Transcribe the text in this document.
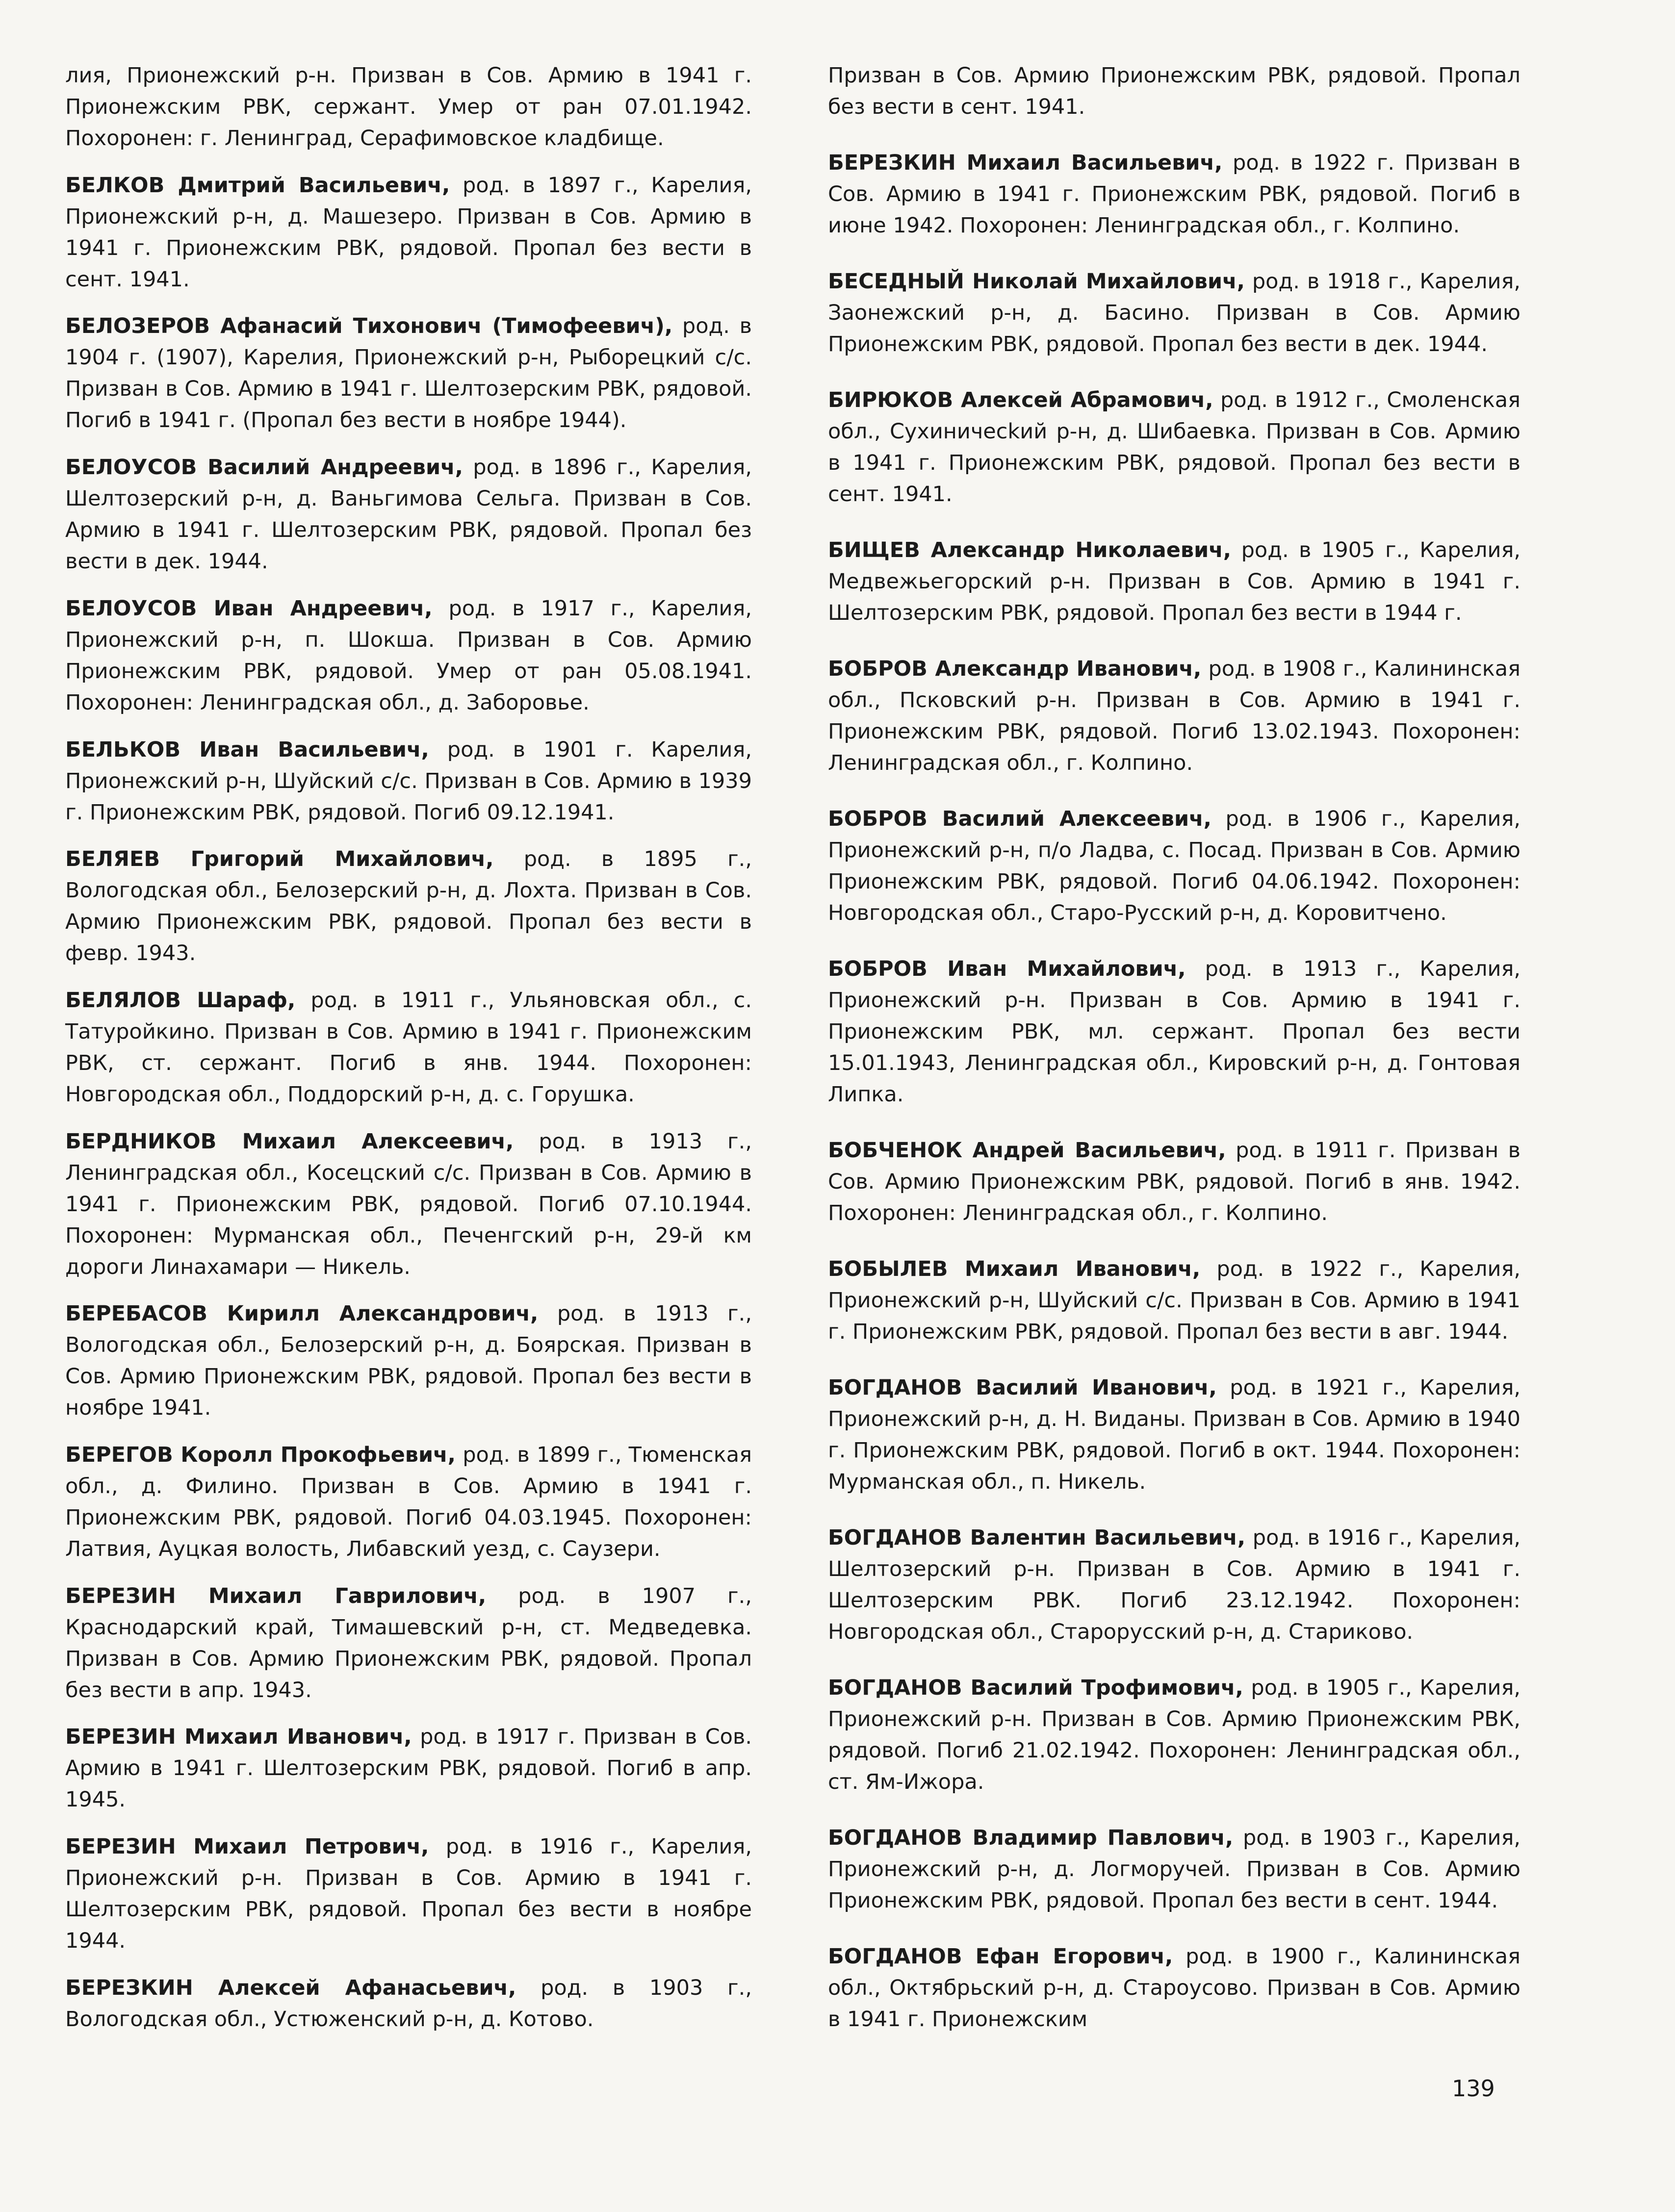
лия, Прионежский р-н. Призван в Сов. Армию в 1941 г. Прионежским РВК, сержант. Умер от ран 07.01.1942. Похоронен: г. Ленинград, Серафимовское кладбище.

БЕЛКОВ Дмитрий Васильевич, род. в 1897 г., Карелия, Прионежский р-н, д. Машезеро. Призван в Сов. Армию в 1941 г. Прионежским РВК, рядовой. Пропал без вести в сент. 1941.

БЕЛОЗЕРОВ Афанасий Тихонович (Тимофеевич), род. в 1904 г. (1907), Карелия, Прионежский р-н, Рыборецкий с/с. Призван в Сов. Армию в 1941 г. Шелтозерским РВК, рядовой. Погиб в 1941 г. (Пропал без вести в ноябре 1944).

БЕЛОУСОВ Василий Андреевич, род. в 1896 г., Карелия, Шелтозерский р-н, д. Ваньгимова Сельга. Призван в Сов. Армию в 1941 г. Шелтозерским РВК, рядовой. Пропал без вести в дек. 1944.

БЕЛОУСОВ Иван Андреевич, род. в 1917 г., Карелия, Прионежский р-н, п. Шокша. Призван в Сов. Армию Прионежским РВК, рядовой. Умер от ран 05.08.1941. Похоронен: Ленинградская обл., д. Заборовье.

БЕЛЬКОВ Иван Васильевич, род. в 1901 г. Карелия, Прионежский р-н, Шуйский с/с. Призван в Сов. Армию в 1939 г. Прионежским РВК, рядовой. Погиб 09.12.1941.

БЕЛЯЕВ Григорий Михайлович, род. в 1895 г., Вологодская обл., Белозерский р-н, д. Лохта. Призван в Сов. Армию Прионежским РВК, рядовой. Пропал без вести в февр. 1943.

БЕЛЯЛОВ Шараф, род. в 1911 г., Ульяновская обл., с. Татуройкино. Призван в Сов. Армию в 1941 г. Прионежским РВК, ст. сержант. Погиб в янв. 1944. Похоронен: Новгородская обл., Поддорский р-н, д. с. Горушка.

БЕРДНИКОВ Михаил Алексеевич, род. в 1913 г., Ленинградская обл., Косецский с/с. Призван в Сов. Армию в 1941 г. Прионежским РВК, рядовой. Погиб 07.10.1944. Похоронен: Мурманская обл., Печенгский р-н, 29-й км дороги Линахамари — Никель.

БЕРЕБАСОВ Кирилл Александрович, род. в 1913 г., Вологодская обл., Белозерский р-н, д. Боярская. Призван в Сов. Армию Прионежским РВК, рядовой. Пропал без вести в ноябре 1941.

БЕРЕГОВ Королл Прокофьевич, род. в 1899 г., Тюменская обл., д. Филино. Призван в Сов. Армию в 1941 г. Прионежским РВК, рядовой. Погиб 04.03.1945. Похоронен: Латвия, Ауцкая волость, Либавский уезд, с. Саузери.

БЕРЕЗИН Михаил Гаврилович, род. в 1907 г., Краснодарский край, Тимашевский р-н, ст. Медведевка. Призван в Сов. Армию Прионежским РВК, рядовой. Пропал без вести в апр. 1943.

БЕРЕЗИН Михаил Иванович, род. в 1917 г. Призван в Сов. Армию в 1941 г. Шелтозерским РВК, рядовой. Погиб в апр. 1945.

БЕРЕЗИН Михаил Петрович, род. в 1916 г., Карелия, Прионежский р-н. Призван в Сов. Армию в 1941 г. Шелтозерским РВК, рядовой. Пропал без вести в ноябре 1944.

БЕРЕЗКИН Алексей Афанасьевич, род. в 1903 г., Вологодская обл., Устюженский р-н, д. Котово.

Призван в Сов. Армию Прионежским РВК, рядовой. Пропал без вести в сент. 1941.

БЕРЕЗКИН Михаил Васильевич, род. в 1922 г. Призван в Сов. Армию в 1941 г. Прионежским РВК, рядовой. Погиб в июне 1942. Похоронен: Ленинградская обл., г. Колпино.

БЕСЕДНЫЙ Николай Михайлович, род. в 1918 г., Карелия, Заонежский р-н, д. Басино. Призван в Сов. Армию Прионежским РВК, рядовой. Пропал без вести в дек. 1944.

БИРЮКОВ Алексей Абрамович, род. в 1912 г., Смоленская обл., Сухиничесkий р-н, д. Шибаевка. Призван в Сов. Армию в 1941 г. Прионежским РВК, рядовой. Пропал без вести в сент. 1941.

БИЩЕВ Александр Николаевич, род. в 1905 г., Карелия, Медвежьегорский р-н. Призван в Сов. Армию в 1941 г. Шелтозерским РВК, рядовой. Пропал без вести в 1944 г.

БОБРОВ Александр Иванович, род. в 1908 г., Калининская обл., Псковский р-н. Призван в Сов. Армию в 1941 г. Прионежским РВК, рядовой. Погиб 13.02.1943. Похоронен: Ленинградская обл., г. Колпино.

БОБРОВ Василий Алексеевич, род. в 1906 г., Карелия, Прионежский р-н, п/о Ладва, с. Посад. Призван в Сов. Армию Прионежским РВК, рядовой. Погиб 04.06.1942. Похоронен: Новгородская обл., Старо-Русский р-н, д. Коровитчено.

БОБРОВ Иван Михайлович, род. в 1913 г., Карелия, Прионежский р-н. Призван в Сов. Армию в 1941 г. Прионежским РВК, мл. сержант. Пропал без вести 15.01.1943, Ленинградская обл., Кировский р-н, д. Гонтовая Липка.

БОБЧЕНОК Андрей Васильевич, род. в 1911 г. Призван в Сов. Армию Прионежским РВК, рядовой. Погиб в янв. 1942. Похоронен: Ленинградская обл., г. Колпино.

БОБЫЛЕВ Михаил Иванович, род. в 1922 г., Карелия, Прионежский р-н, Шуйский с/с. Призван в Сов. Армию в 1941 г. Прионежским РВК, рядовой. Пропал без вести в авг. 1944.

БОГДАНОВ Василий Иванович, род. в 1921 г., Карелия, Прионежский р-н, д. Н. Виданы. Призван в Сов. Армию в 1940 г. Прионежским РВК, рядовой. Погиб в окт. 1944. Похоронен: Мурманская обл., п. Никель.

БОГДАНОВ Валентин Васильевич, род. в 1916 г., Карелия, Шелтозерский р-н. Призван в Сов. Армию в 1941 г. Шелтозерским РВК. Погиб 23.12.1942. Похоронен: Новгородская обл., Старорусский р-н, д. Стариково.

БОГДАНОВ Василий Трофимович, род. в 1905 г., Карелия, Прионежский р-н. Призван в Сов. Армию Прионежским РВК, рядовой. Погиб 21.02.1942. Похоронен: Ленинградская обл., ст. Ям-Ижора.

БОГДАНОВ Владимир Павлович, род. в 1903 г., Карелия, Прионежский р-н, д. Логморучей. Призван в Сов. Армию Прионежским РВК, рядовой. Пропал без вести в сент. 1944.

БОГДАНОВ Ефан Егорович, род. в 1900 г., Калининская обл., Октябрьский р-н, д. Староусово. Призван в Сов. Армию в 1941 г. Прионежским

139
